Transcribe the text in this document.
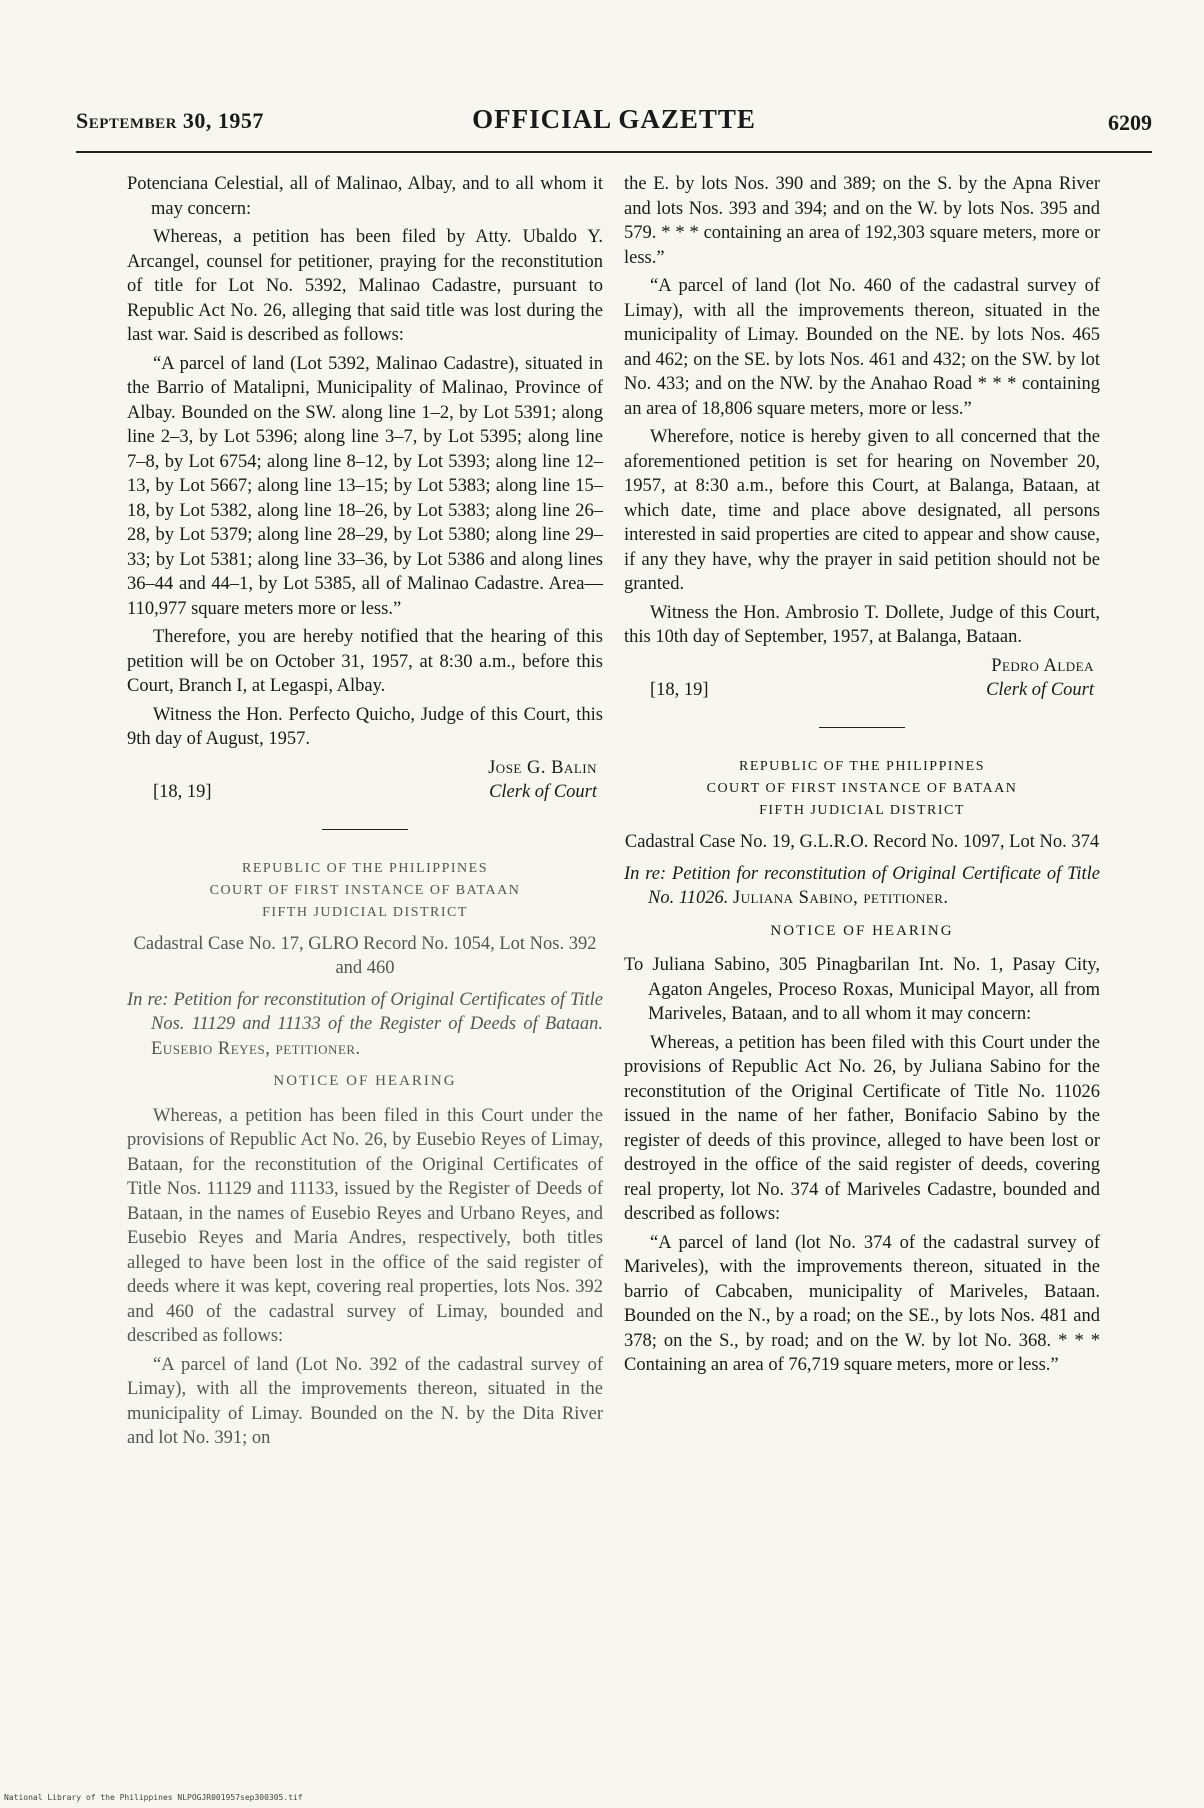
September 30, 1957	OFFICIAL GAZETTE	6209

Potenciana Celestial, all of Malinao, Albay, and to all whom it may concern:

Whereas, a petition has been filed by Atty. Ubaldo Y. Arcangel, counsel for petitioner, praying for the reconstitution of title for Lot No. 5392, Malinao Cadastre, pursuant to Republic Act No. 26, alleging that said title was lost during the last war. Said is described as follows:

“A parcel of land (Lot 5392, Malinao Cadastre), situated in the Barrio of Matalipni, Municipality of Malinao, Province of Albay. Bounded on the SW. along line 1–2, by Lot 5391; along line 2–3, by Lot 5396; along line 3–7, by Lot 5395; along line 7–8, by Lot 6754; along line 8–12, by Lot 5393; along line 12–13, by Lot 5667; along line 13–15; by Lot 5383; along line 15–18, by Lot 5382, along line 18–26, by Lot 5383; along line 26–28, by Lot 5379; along line 28–29, by Lot 5380; along line 29–33; by Lot 5381; along line 33–36, by Lot 5386 and along lines 36–44 and 44–1, by Lot 5385, all of Malinao Cadastre. Area—110,977 square meters more or less.”

Therefore, you are hereby notified that the hearing of this petition will be on October 31, 1957, at 8:30 a.m., before this Court, Branch I, at Legaspi, Albay.

Witness the Hon. Perfecto Quicho, Judge of this Court, this 9th day of August, 1957.

[18, 19]
Jose G. Balin
Clerk of Court
REPUBLIC OF THE PHILIPPINES
COURT OF FIRST INSTANCE OF BATAAN
FIFTH JUDICIAL DISTRICT
Cadastral Case No. 17, GLRO Record No. 1054, Lot Nos. 392 and 460

In re: Petition for reconstitution of Original Certificates of Title Nos. 11129 and 11133 of the Register of Deeds of Bataan. Eusebio Reyes, petitioner.

NOTICE OF HEARING

Whereas, a petition has been filed in this Court under the provisions of Republic Act No. 26, by Eusebio Reyes of Limay, Bataan, for the reconstitution of the Original Certificates of Title Nos. 11129 and 11133, issued by the Register of Deeds of Bataan, in the names of Eusebio Reyes and Urbano Reyes, and Eusebio Reyes and Maria Andres, respectively, both titles alleged to have been lost in the office of the said register of deeds where it was kept, covering real properties, lots Nos. 392 and 460 of the cadastral survey of Limay, bounded and described as follows:

“A parcel of land (Lot No. 392 of the cadastral survey of Limay), with all the improvements thereon, situated in the municipality of Limay. Bounded on the N. by the Dita River and lot No. 391; on

the E. by lots Nos. 390 and 389; on the S. by the Apna River and lots Nos. 393 and 394; and on the W. by lots Nos. 395 and 579. * * * containing an area of 192,303 square meters, more or less.”

“A parcel of land (lot No. 460 of the cadastral survey of Limay), with all the improvements thereon, situated in the municipality of Limay. Bounded on the NE. by lots Nos. 465 and 462; on the SE. by lots Nos. 461 and 432; on the SW. by lot No. 433; and on the NW. by the Anahao Road * * * containing an area of 18,806 square meters, more or less.”

Wherefore, notice is hereby given to all concerned that the aforementioned petition is set for hearing on November 20, 1957, at 8:30 a.m., before this Court, at Balanga, Bataan, at which date, time and place above designated, all persons interested in said properties are cited to appear and show cause, if any they have, why the prayer in said petition should not be granted.

Witness the Hon. Ambrosio T. Dollete, Judge of this Court, this 10th day of September, 1957, at Balanga, Bataan.

[18, 19]
Pedro Aldea
Clerk of Court
REPUBLIC OF THE PHILIPPINES
COURT OF FIRST INSTANCE OF BATAAN
FIFTH JUDICIAL DISTRICT
Cadastral Case No. 19, G.L.R.O. Record No. 1097, Lot No. 374

In re: Petition for reconstitution of Original Certificate of Title No. 11026. Juliana Sabino, petitioner.

NOTICE OF HEARING

To Juliana Sabino, 305 Pinagbarilan Int. No. 1, Pasay City, Agaton Angeles, Proceso Roxas, Municipal Mayor, all from Mariveles, Bataan, and to all whom it may concern:

Whereas, a petition has been filed with this Court under the provisions of Republic Act No. 26, by Juliana Sabino for the reconstitution of the Original Certificate of Title No. 11026 issued in the name of her father, Bonifacio Sabino by the register of deeds of this province, alleged to have been lost or destroyed in the office of the said register of deeds, covering real property, lot No. 374 of Mariveles Cadastre, bounded and described as follows:

“A parcel of land (lot No. 374 of the cadastral survey of Mariveles), with the improvements thereon, situated in the barrio of Cabcaben, municipality of Mariveles, Bataan. Bounded on the N., by a road; on the SE., by lots Nos. 481 and 378; on the S., by road; and on the W. by lot No. 368. * * * Containing an area of 76,719 square meters, more or less.”

National Library of the Philippines NLPOGJR001957sep300305.tif
